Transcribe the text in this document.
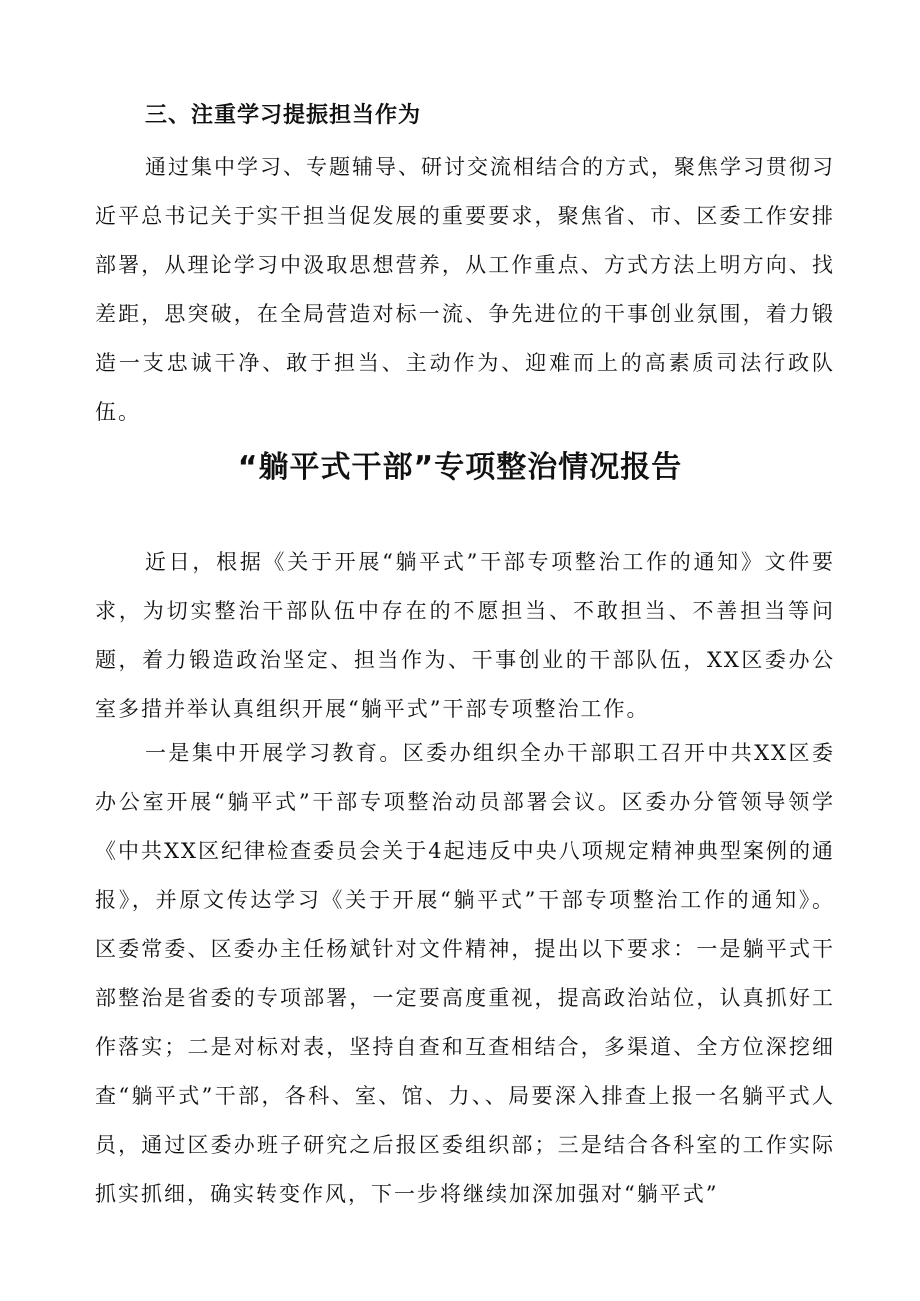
三、注重学习提振担当作为

通过集中学习、专题辅导、研讨交流相结合的方式，聚焦学习贯彻习近平总书记关于实干担当促发展的重要要求，聚焦省、市、区委工作安排部署，从理论学习中汲取思想营养，从工作重点、方式方法上明方向、找差距，思突破，在全局营造对标一流、争先进位的干事创业氛围，着力锻造一支忠诚干净、敢于担当、主动作为、迎难而上的高素质司法行政队伍。

“躺平式干部”专项整治情况报告

近日，根据《关于开展“躺平式”干部专项整治工作的通知》文件要求，为切实整治干部队伍中存在的不愿担当、不敢担当、不善担当等问题，着力锻造政治坚定、担当作为、干事创业的干部队伍，XX区委办公室多措并举认真组织开展“躺平式”干部专项整治工作。

一是集中开展学习教育。区委办组织全办干部职工召开中共XX区委办公室开展“躺平式”干部专项整治动员部署会议。区委办分管领导领学《中共XX区纪律检查委员会关于4起违反中央八项规定精神典型案例的通报》，并原文传达学习《关于开展“躺平式”干部专项整治工作的通知》。区委常委、区委办主任杨斌针对文件精神，提出以下要求：一是躺平式干部整治是省委的专项部署，一定要高度重视，提高政治站位，认真抓好工作落实；二是对标对表，坚持自查和互查相结合，多渠道、全方位深挖细查“躺平式”干部，各科、室、馆、力、、局要深入排查上报一名躺平式人员，通过区委办班子研究之后报区委组织部；三是结合各科室的工作实际抓实抓细，确实转变作风，下一步将继续加深加强对“躺平式”
